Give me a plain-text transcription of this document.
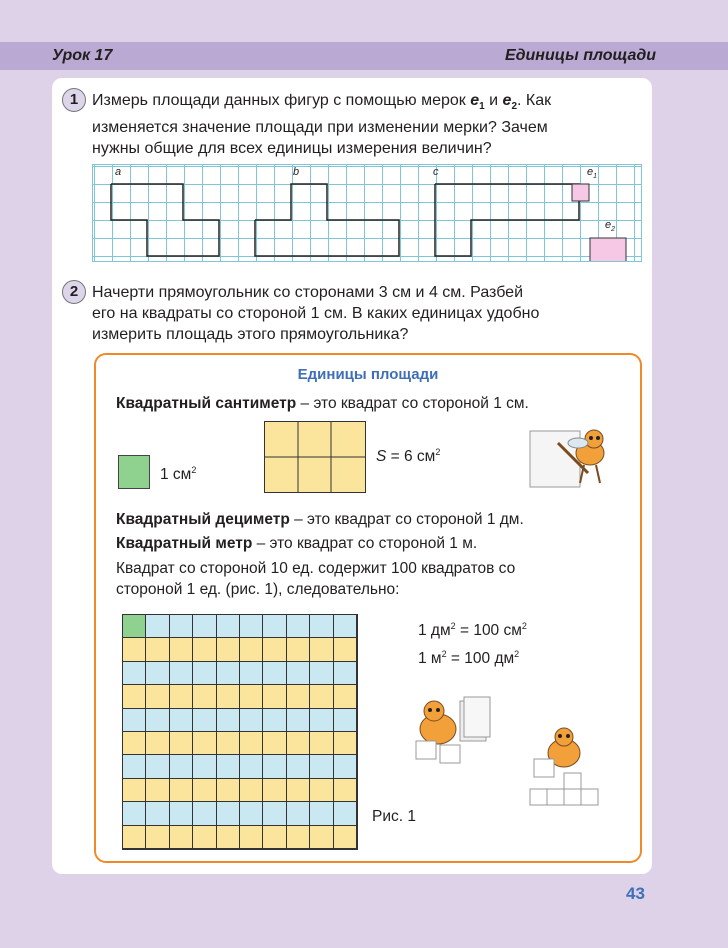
Урок 17	Единицы площади
1 Измерь площади данных фигур с помощью мерок $e_1$ и $e_2$. Как
изменяется значение площади при изменении мерки? Зачем
нужны общие для всех единицы измерения величин?
a	b	c	$e_1$
$e_2$
2 Начерти прямоугольник со сторонами 3 см и 4 см. Разбей
его на квадраты со стороной 1 см. В каких единицах удобно
измерить площадь этого прямоугольника?
Единицы площади
Квадратный сантиметр – это квадрат со стороной 1 см.
1 $см^2$
S = 6 $см^2$
Квадратный дециметр – это квадрат со стороной 1 дм.
Квадратный метр – это квадрат со стороной 1 м.
Квадрат со стороной 10 ед. содержит 100 квадратов со
стороной 1 ед. (рис. 1), следовательно:
1 $дм^2 = 100$ $см^2$
1 $м^2 = 100$ $дм^2$
Рис. 1
43
